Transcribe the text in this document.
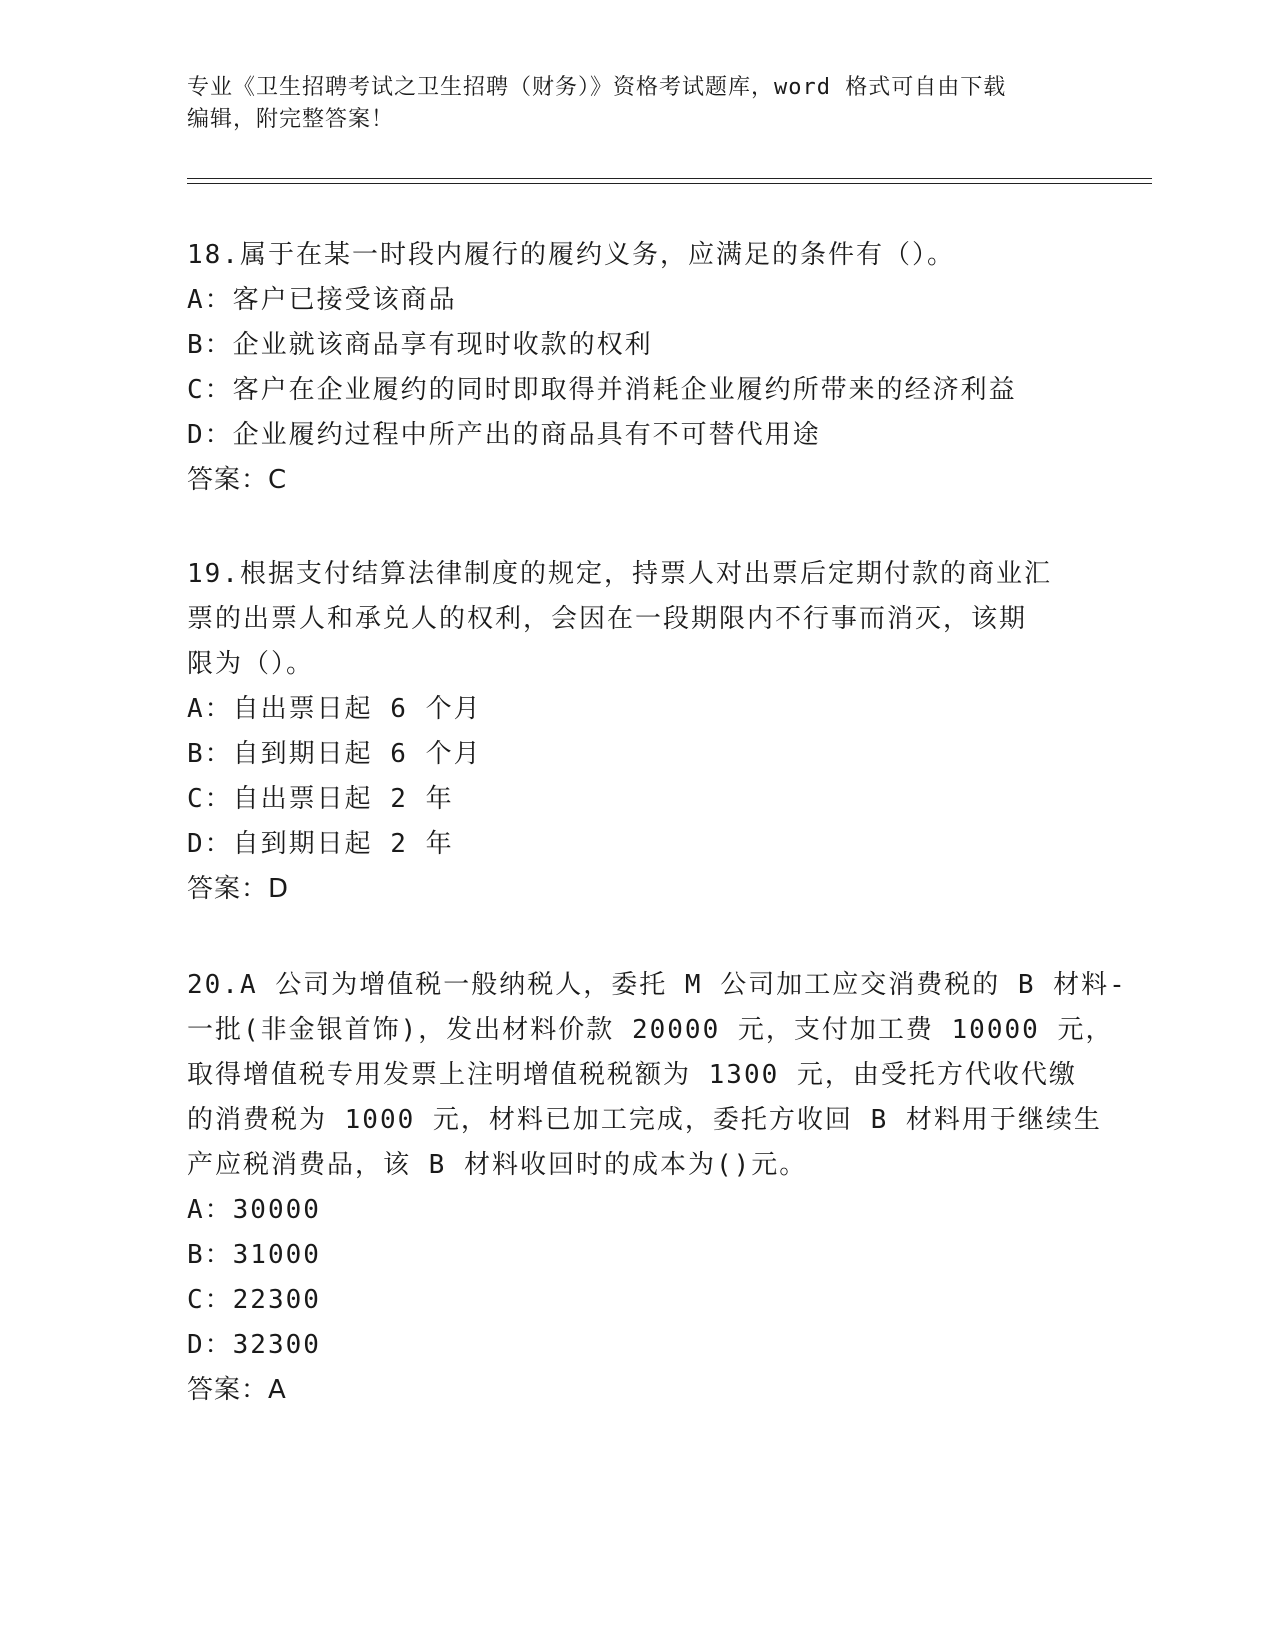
专业《卫生招聘考试之卫生招聘（财务）》资格考试题库，word 格式可自由下载
编辑，附完整答案！
18.属于在某一时段内履行的履约义务，应满足的条件有（）。
A：客户已接受该商品
B：企业就该商品享有现时收款的权利
C：客户在企业履约的同时即取得并消耗企业履约所带来的经济利益
D：企业履约过程中所产出的商品具有不可替代用途
答案：C
19.根据支付结算法律制度的规定，持票人对出票后定期付款的商业汇
票的出票人和承兑人的权利，会因在一段期限内不行事而消灭，该期
限为（）。
A：自出票日起 6 个月
B：自到期日起 6 个月
C：自出票日起 2 年
D：自到期日起 2 年
答案：D
20.A 公司为增值税一般纳税人，委托 M 公司加工应交消费税的 B 材料-
一批(非金银首饰)，发出材料价款 20000 元，支付加工费 10000 元，
取得增值税专用发票上注明增值税税额为 1300 元，由受托方代收代缴
的消费税为 1000 元，材料已加工完成，委托方收回 B 材料用于继续生
产应税消费品，该 B 材料收回时的成本为()元。
A：30000
B：31000
C：22300
D：32300
答案：A
